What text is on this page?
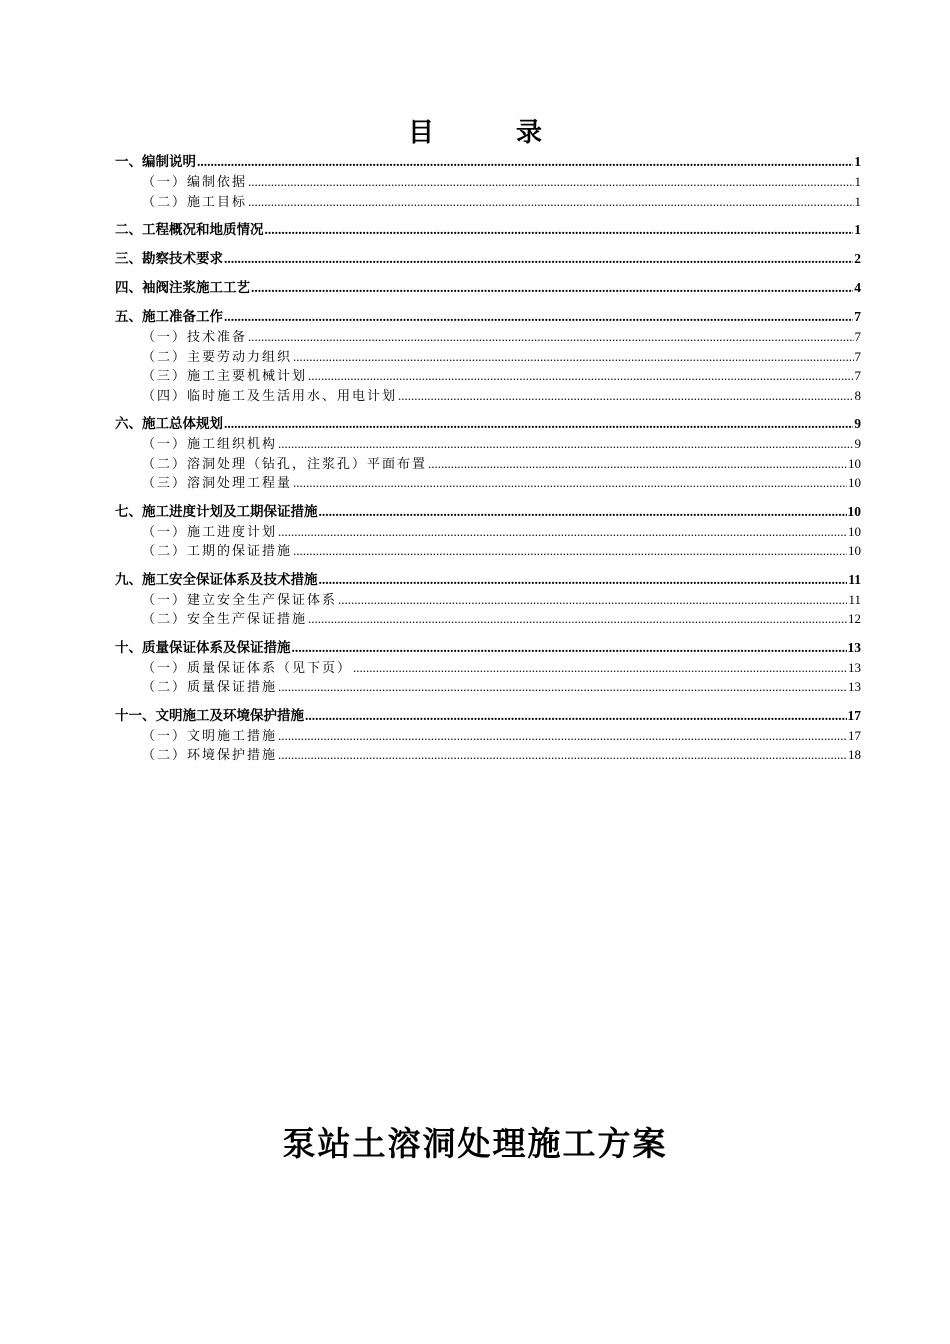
目　录
一、编制说明 .....	1
（一）编制依据 .....	1
（二）施工目标 .....	1
二、工程概况和地质情况 .....	1
三、勘察技术要求 .....	2
四、袖阀注浆施工工艺 .....	4
五、施工准备工作 .....	7
（一）技术准备 .....	7
（二）主要劳动力组织 .....	7
（三）施工主要机械计划 .....	7
（四）临时施工及生活用水、用电计划 .....	8
六、施工总体规划 .....	9
（一）施工组织机构 .....	9
（二）溶洞处理（钻孔，注浆孔）平面布置 .....	10
（三）溶洞处理工程量 .....	10
七、施工进度计划及工期保证措施 .....	10
（一）施工进度计划 .....	10
（二）工期的保证措施 .....	10
九、施工安全保证体系及技术措施 .....	11
（一）建立安全生产保证体系 .....	11
（二）安全生产保证措施 .....	12
十、质量保证体系及保证措施 .....	13
（一）质量保证体系（见下页） .....	13
（二）质量保证措施 .....	13
十一、文明施工及环境保护措施 .....	17
（一）文明施工措施 .....	17
（二）环境保护措施 .....	18
泵站土溶洞处理施工方案
